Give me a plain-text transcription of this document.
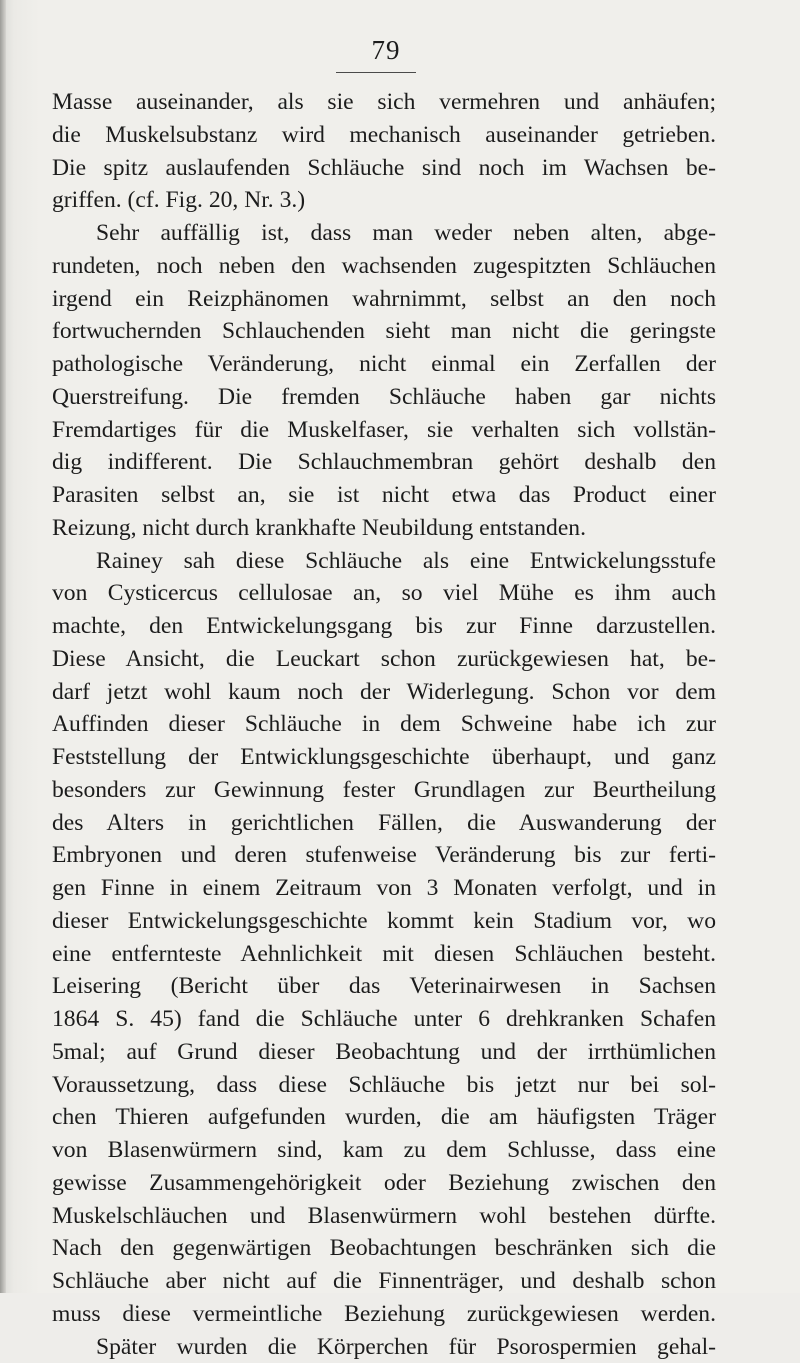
79
Masse auseinander, als sie sich vermehren und anhäufen;
die Muskelsubstanz wird mechanisch auseinander getrieben.
Die spitz auslaufenden Schläuche sind noch im Wachsen be-
griffen. (cf. Fig. 20, Nr. 3.)
Sehr auffällig ist, dass man weder neben alten, abge-
rundeten, noch neben den wachsenden zugespitzten Schläuchen
irgend ein Reizphänomen wahrnimmt, selbst an den noch
fortwuchernden Schlauchenden sieht man nicht die geringste
pathologische Veränderung, nicht einmal ein Zerfallen der
Querstreifung. Die fremden Schläuche haben gar nichts
Fremdartiges für die Muskelfaser, sie verhalten sich vollstän-
dig indifferent. Die Schlauchmembran gehört deshalb den
Parasiten selbst an, sie ist nicht etwa das Product einer
Reizung, nicht durch krankhafte Neubildung entstanden.
Rainey sah diese Schläuche als eine Entwickelungsstufe
von Cysticercus cellulosae an, so viel Mühe es ihm auch
machte, den Entwickelungsgang bis zur Finne darzustellen.
Diese Ansicht, die Leuckart schon zurückgewiesen hat, be-
darf jetzt wohl kaum noch der Widerlegung. Schon vor dem
Auffinden dieser Schläuche in dem Schweine habe ich zur
Feststellung der Entwicklungsgeschichte überhaupt, und ganz
besonders zur Gewinnung fester Grundlagen zur Beurtheilung
des Alters in gerichtlichen Fällen, die Auswanderung der
Embryonen und deren stufenweise Veränderung bis zur ferti-
gen Finne in einem Zeitraum von 3 Monaten verfolgt, und in
dieser Entwickelungsgeschichte kommt kein Stadium vor, wo
eine entfernteste Aehnlichkeit mit diesen Schläuchen besteht.
Leisering (Bericht über das Veterinairwesen in Sachsen
1864 S. 45) fand die Schläuche unter 6 drehkranken Schafen
5mal; auf Grund dieser Beobachtung und der irrthümlichen
Voraussetzung, dass diese Schläuche bis jetzt nur bei sol-
chen Thieren aufgefunden wurden, die am häufigsten Träger
von Blasenwürmern sind, kam zu dem Schlusse, dass eine
gewisse Zusammengehörigkeit oder Beziehung zwischen den
Muskelschläuchen und Blasenwürmern wohl bestehen dürfte.
Nach den gegenwärtigen Beobachtungen beschränken sich die
Schläuche aber nicht auf die Finnenträger, und deshalb schon
muss diese vermeintliche Beziehung zurückgewiesen werden.
Später wurden die Körperchen für Psorospermien gehal-
